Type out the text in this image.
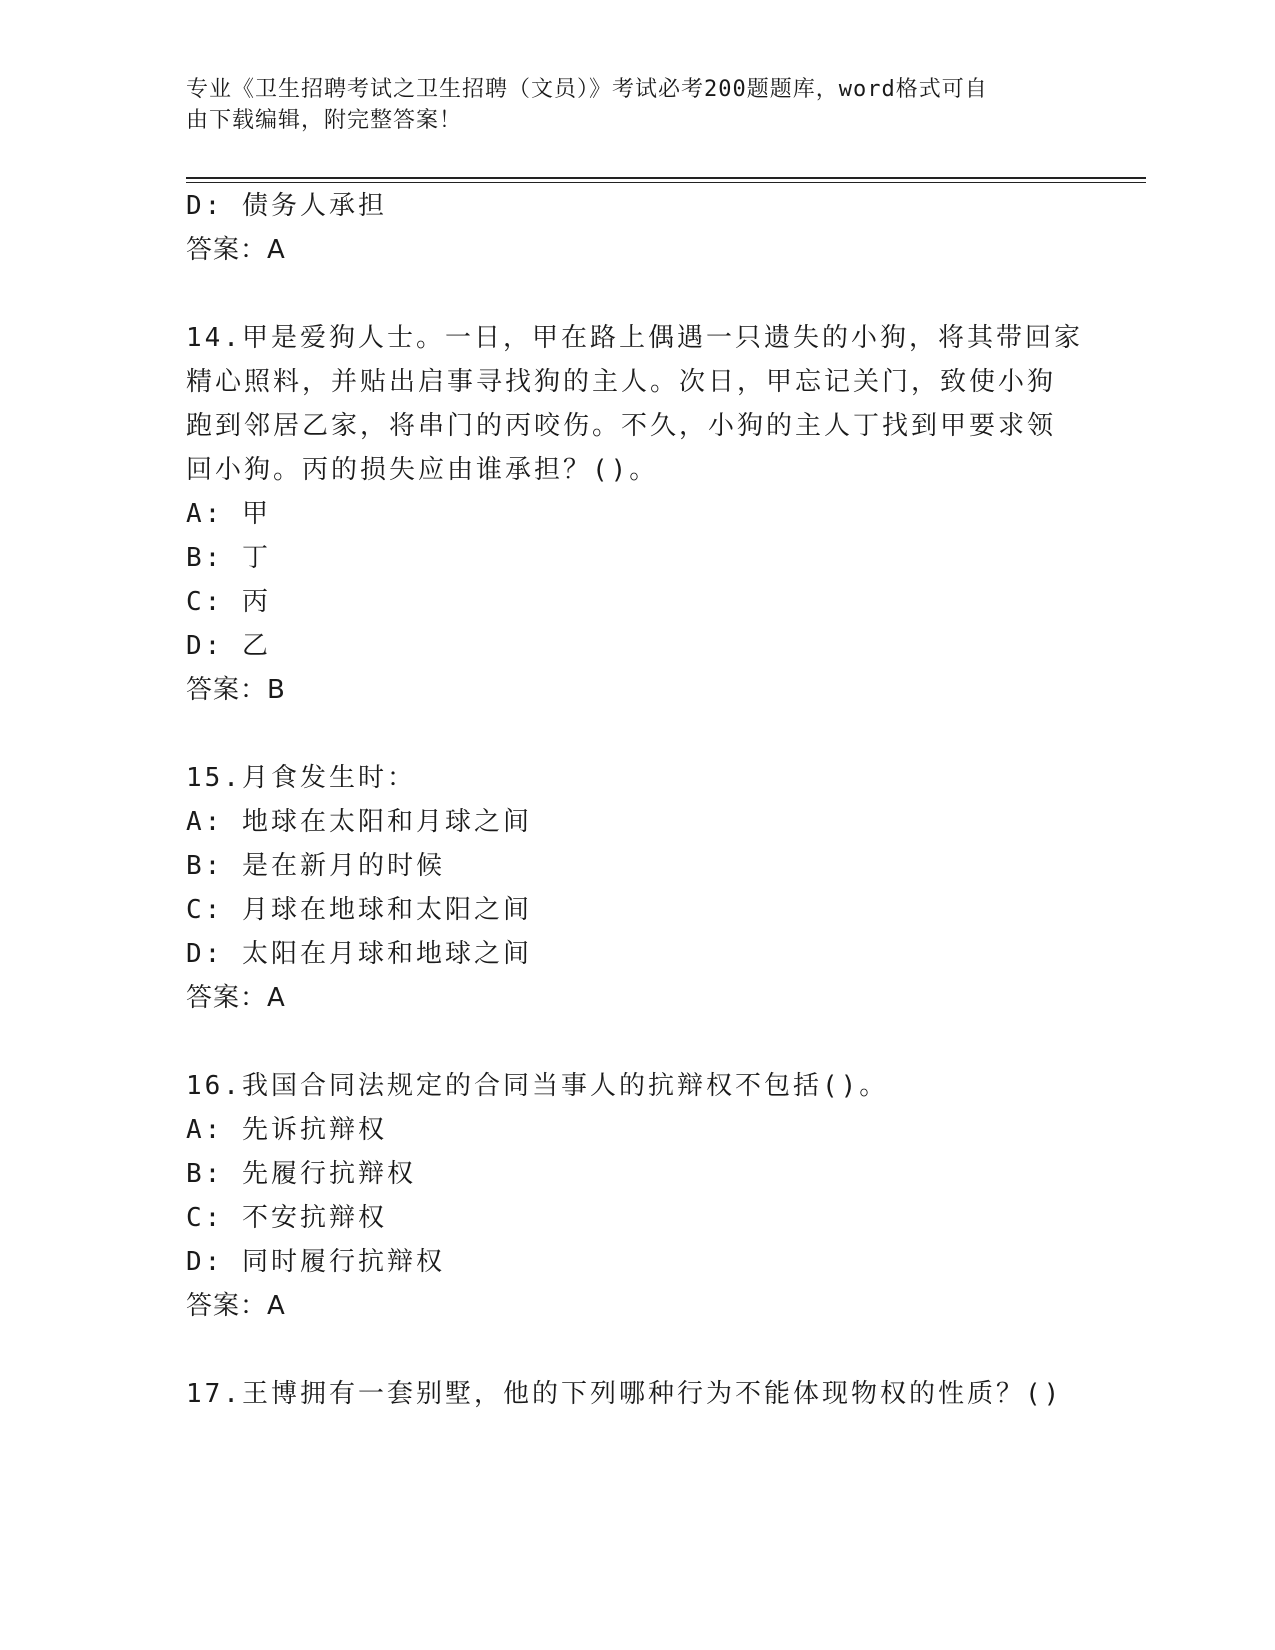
专业《卫生招聘考试之卫生招聘（文员）》考试必考200题题库，word格式可自
由下载编辑，附完整答案！
D: 债务人承担
答案：A
14.甲是爱狗人士。一日，甲在路上偶遇一只遗失的小狗，将其带回家
精心照料，并贴出启事寻找狗的主人。次日，甲忘记关门，致使小狗
跑到邻居乙家，将串门的丙咬伤。不久，小狗的主人丁找到甲要求领
回小狗。丙的损失应由谁承担？()。
A: 甲
B: 丁
C: 丙
D: 乙
答案：B
15.月食发生时：
A: 地球在太阳和月球之间
B: 是在新月的时候
C: 月球在地球和太阳之间
D: 太阳在月球和地球之间
答案：A
16.我国合同法规定的合同当事人的抗辩权不包括()。
A: 先诉抗辩权
B: 先履行抗辩权
C: 不安抗辩权
D: 同时履行抗辩权
答案：A
17.王博拥有一套别墅，他的下列哪种行为不能体现物权的性质？()
